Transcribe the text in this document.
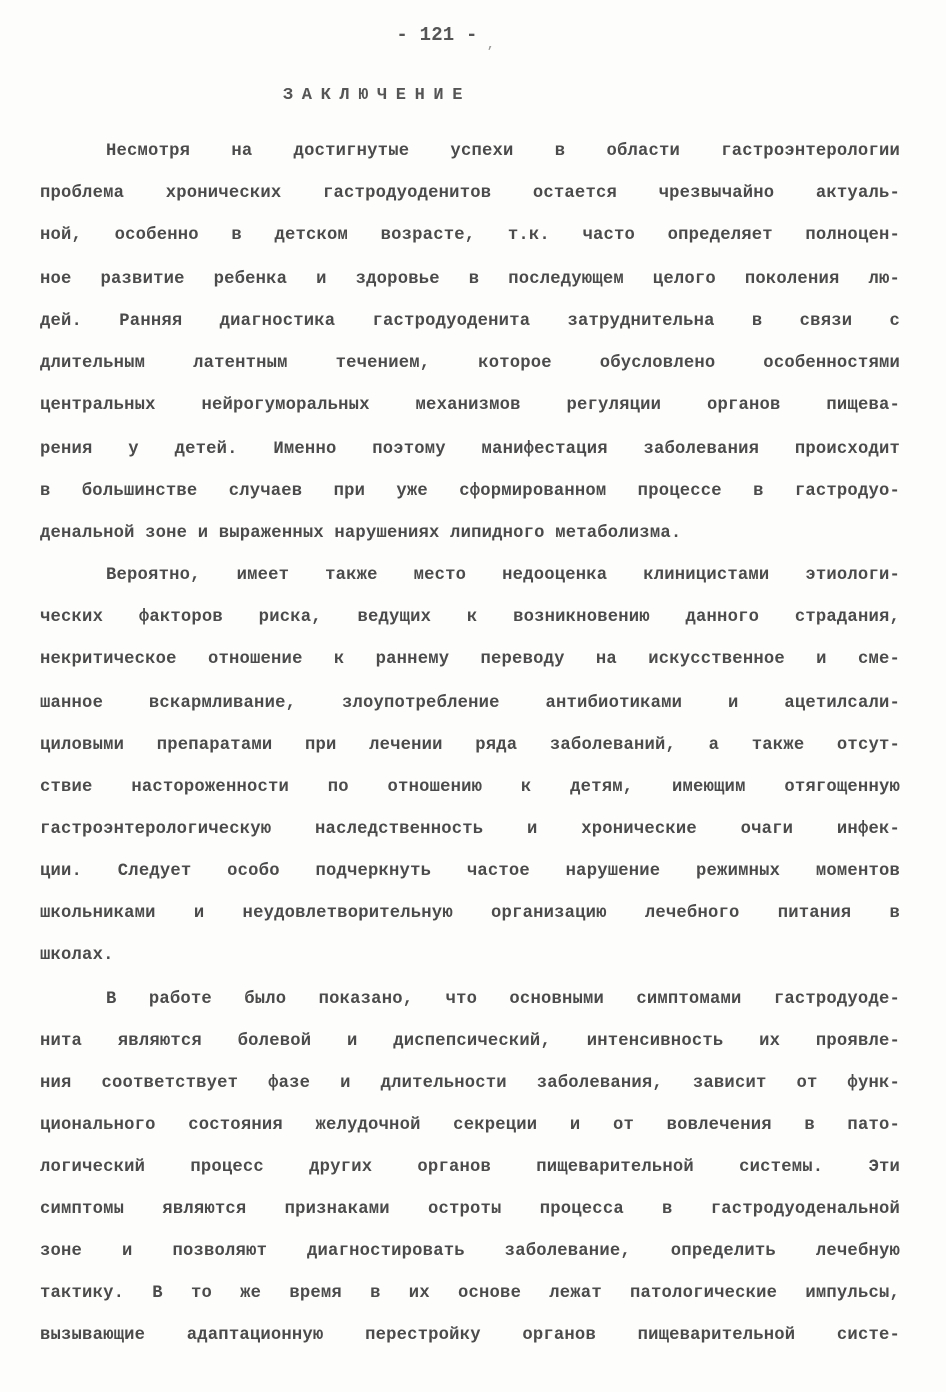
- 121 - ,
ЗАКЛЮЧЕНИЕ
Несмотря на достигнутые успехи в области гастроэнтерологии
проблема хронических гастродуоденитов остается чрезвычайно актуаль-
ной, особенно в детском возрасте, т.к. часто определяет полноцен-
ное развитие ребенка и здоровье в последующем целого поколения лю-
дей. Ранняя диагностика гастродуоденита затруднительна в связи с
длительным латентным течением, которое обусловлено особенностями
центральных нейрогуморальных механизмов регуляции органов пищева-
рения у детей. Именно поэтому манифестация заболевания происходит
в большинстве случаев при уже сформированном процессе в гастродуо-
денальной зоне и выраженных нарушениях липидного метаболизма.
Вероятно, имеет также место недооценка клиницистами этиологи-
ческих факторов риска, ведущих к возникновению данного страдания,
некритическое отношение к раннему переводу на искусственное и сме-
шанное вскармливание, злоупотребление антибиотиками и ацетилсали-
циловыми препаратами при лечении ряда заболеваний, а также отсут-
ствие настороженности по отношению к детям, имеющим отягощенную
гастроэнтерологическую наследственность и хронические очаги инфек-
ции. Следует особо подчеркнуть частое нарушение режимных моментов
школьниками и неудовлетворительную организацию лечебного питания в
школах.
В работе было показано, что основными симптомами гастродуоде-
нита являются болевой и диспепсический, интенсивность их проявле-
ния соответствует фазе и длительности заболевания, зависит от функ-
ционального состояния желудочной секреции и от вовлечения в пато-
логический процесс других органов пищеварительной системы. Эти
симптомы являются признаками остроты процесса в гастродуоденальной
зоне и позволяют диагностировать заболевание, определить лечебную
тактику. В то же время в их основе лежат патологические импульсы,
вызывающие адаптационную перестройку органов пищеварительной систе-
